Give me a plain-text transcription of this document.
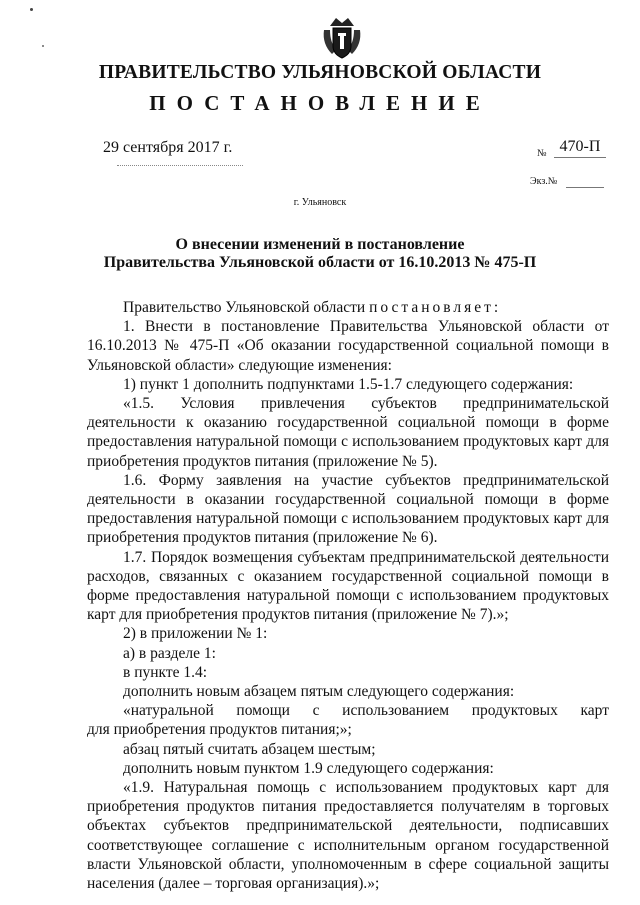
ПРАВИТЕЛЬСТВО УЛЬЯНОВСКОЙ ОБЛАСТИ
ПОСТАНОВЛЕНИЕ
29 сентября 2017 г.	№ 470-П
Экз.№
г. Ульяновск
О внесении изменений в постановление
Правительства Ульяновской области от 16.10.2013 № 475-П

Правительство Ульяновской области постановляет:

1. Внести в постановление Правительства Ульяновской области от 16.10.2013 № 475-П «Об оказании государственной социальной помощи в Ульяновской области» следующие изменения:

1) пункт 1 дополнить подпунктами 1.5-1.7 следующего содержания:

«1.5. Условия привлечения субъектов предпринимательской деятельности к оказанию государственной социальной помощи в форме предоставления натуральной помощи с использованием продуктовых карт для приобретения продуктов питания (приложение № 5).

1.6. Форму заявления на участие субъектов предпринимательской деятельности в оказании государственной социальной помощи в форме предоставления натуральной помощи с использованием продуктовых карт для приобретения продуктов питания (приложение № 6).

1.7. Порядок возмещения субъектам предпринимательской деятельности расходов, связанных с оказанием государственной социальной помощи в форме предоставления натуральной помощи с использованием продуктовых карт для приобретения продуктов питания (приложение № 7).»;

2) в приложении № 1:

а) в разделе 1:

в пункте 1.4:

дополнить новым абзацем пятым следующего содержания:

«натуральной помощи с использованием продуктовых карт

для приобретения продуктов питания;»;

абзац пятый считать абзацем шестым;

дополнить новым пунктом 1.9 следующего содержания:

«1.9. Натуральная помощь с использованием продуктовых карт для приобретения продуктов питания предоставляется получателям в торговых объектах субъектов предпринимательской деятельности, подписавших соответствующее соглашение с исполнительным органом государственной власти Ульяновской области, уполномоченным в сфере социальной защиты населения (далее – торговая организация).»;
